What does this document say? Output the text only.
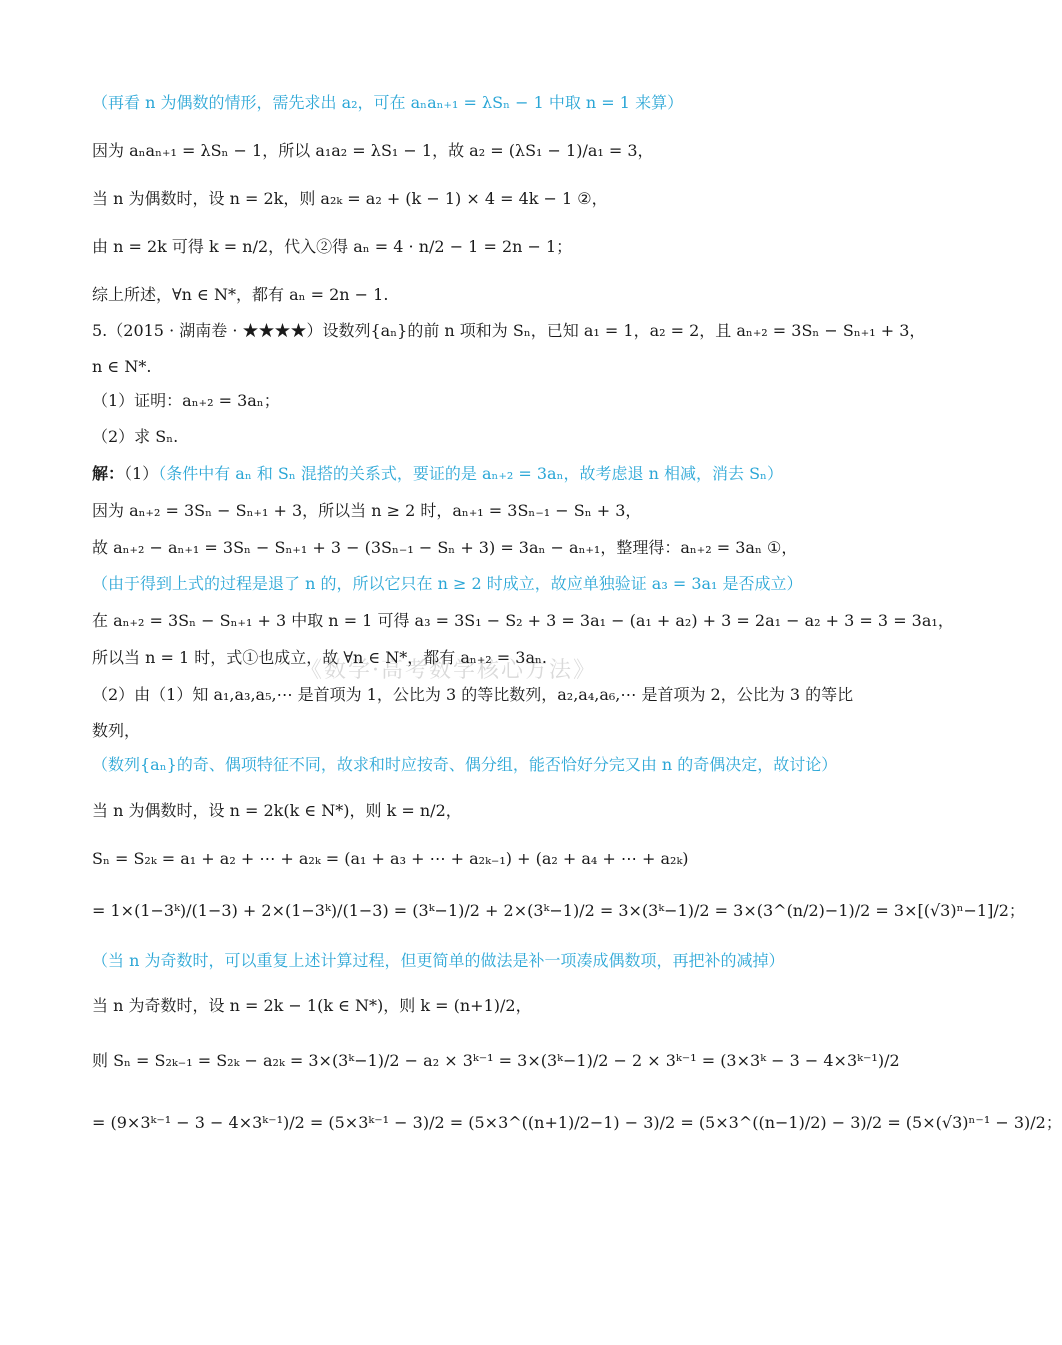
《数学·高考数学核心方法》
（再看 n 为偶数的情形，需先求出 a₂，可在 aₙaₙ₊₁ = λSₙ − 1 中取 n = 1 来算）
因为 aₙaₙ₊₁ = λSₙ − 1，所以 a₁a₂ = λS₁ − 1，故 a₂ = (λS₁ − 1)/a₁ = 3，
当 n 为偶数时，设 n = 2k，则 a₂ₖ = a₂ + (k − 1) × 4 = 4k − 1 ②，
由 n = 2k 可得 k = n/2，代入②得 aₙ = 4 · n/2 − 1 = 2n − 1；
综上所述，∀n ∈ N*，都有 aₙ = 2n − 1.
5.（2015 · 湖南卷 · ★★★★）设数列{aₙ}的前 n 项和为 Sₙ，已知 a₁ = 1，a₂ = 2，且 aₙ₊₂ = 3Sₙ − Sₙ₊₁ + 3，
n ∈ N*.
（1）证明：aₙ₊₂ = 3aₙ；
（2）求 Sₙ.
解：（1）（条件中有 aₙ 和 Sₙ 混搭的关系式，要证的是 aₙ₊₂ = 3aₙ，故考虑退 n 相减，消去 Sₙ）
因为 aₙ₊₂ = 3Sₙ − Sₙ₊₁ + 3，所以当 n ≥ 2 时，aₙ₊₁ = 3Sₙ₋₁ − Sₙ + 3，
故 aₙ₊₂ − aₙ₊₁ = 3Sₙ − Sₙ₊₁ + 3 − (3Sₙ₋₁ − Sₙ + 3) = 3aₙ − aₙ₊₁，整理得：aₙ₊₂ = 3aₙ ①，
（由于得到上式的过程是退了 n 的，所以它只在 n ≥ 2 时成立，故应单独验证 a₃ = 3a₁ 是否成立）
在 aₙ₊₂ = 3Sₙ − Sₙ₊₁ + 3 中取 n = 1 可得 a₃ = 3S₁ − S₂ + 3 = 3a₁ − (a₁ + a₂) + 3 = 2a₁ − a₂ + 3 = 3 = 3a₁，
所以当 n = 1 时，式①也成立，故 ∀n ∈ N*，都有 aₙ₊₂ = 3aₙ.
（2）由（1）知 a₁,a₃,a₅,⋯ 是首项为 1，公比为 3 的等比数列，a₂,a₄,a₆,⋯ 是首项为 2，公比为 3 的等比
数列，
（数列{aₙ}的奇、偶项特征不同，故求和时应按奇、偶分组，能否恰好分完又由 n 的奇偶决定，故讨论）
当 n 为偶数时，设 n = 2k(k ∈ N*)，则 k = n/2，
Sₙ = S₂ₖ = a₁ + a₂ + ⋯ + a₂ₖ = (a₁ + a₃ + ⋯ + a₂ₖ₋₁) + (a₂ + a₄ + ⋯ + a₂ₖ)
= 1×(1−3ᵏ)/(1−3) + 2×(1−3ᵏ)/(1−3) = (3ᵏ−1)/2 + 2×(3ᵏ−1)/2 = 3×(3ᵏ−1)/2 = 3×(3^(n/2)−1)/2 = 3×[(√3)ⁿ−1]/2；
（当 n 为奇数时，可以重复上述计算过程，但更简单的做法是补一项凑成偶数项，再把补的减掉）
当 n 为奇数时，设 n = 2k − 1(k ∈ N*)，则 k = (n+1)/2，
则 Sₙ = S₂ₖ₋₁ = S₂ₖ − a₂ₖ = 3×(3ᵏ−1)/2 − a₂ × 3ᵏ⁻¹ = 3×(3ᵏ−1)/2 − 2 × 3ᵏ⁻¹ = (3×3ᵏ − 3 − 4×3ᵏ⁻¹)/2
= (9×3ᵏ⁻¹ − 3 − 4×3ᵏ⁻¹)/2 = (5×3ᵏ⁻¹ − 3)/2 = (5×3^((n+1)/2−1) − 3)/2 = (5×3^((n−1)/2) − 3)/2 = (5×(√3)ⁿ⁻¹ − 3)/2；
